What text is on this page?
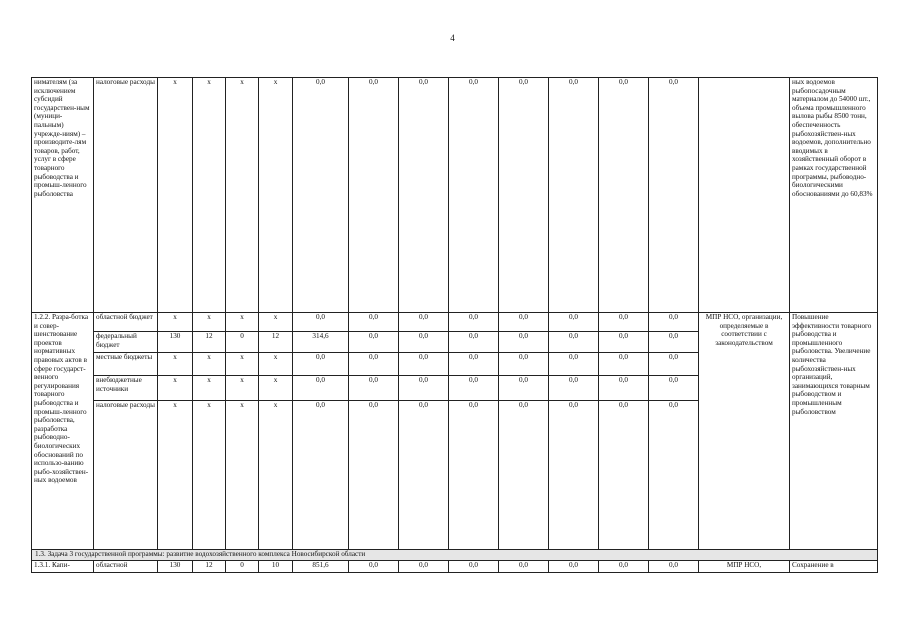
4
нимателям (за исключением субсидий государствен-ным (муници-пальным) учрежде-ниям) – производите-лям товаров, работ, услуг в сфере товарного рыбоводства и промыш-ленного рыболовства	налоговые расходы	x	x	x	x	0,0	0,0	0,0	0,0	0,0	0,0	0,0	0,0		ных водоемов рыбопосадочным материалом до 54000 шт., объема промышленного вылова рыбы 8500 тонн, обеспеченность рыбохозяйствен-ных водоемов, дополнительно вводимых в хозяйственный оборот в рамках государственной программы, рыбоводно-биологическими обоснованиями до 60,83%
1.2.2. Разра-ботка и совер-шенствование проектов нормативных правовых актов в сфере государст-венного регулирования товарного рыбоводства и промыш-ленного рыболовства, разработка рыбоводно-биологических обоснований по использо-ванию рыбо-хозяйствен-ных водоемов	областной бюджет	x	x	x	x	0,0	0,0	0,0	0,0	0,0	0,0	0,0	0,0	МПР НСО, организации, определяемые в соответствии с законодательством	Повышение эффективности товарного рыбоводства и промышленного рыболовства. Увеличение количества рыбохозяйствен-ных организаций, занимающихся товарным рыбоводством и промышленным рыболовством
	федеральный бюджет	130	12	0	12	314,6	0,0	0,0	0,0	0,0	0,0	0,0	0,0		
	местные бюджеты	x	x	x	x	0,0	0,0	0,0	0,0	0,0	0,0	0,0	0,0		
	внебюджетные источники	x	x	x	x	0,0	0,0	0,0	0,0	0,0	0,0	0,0	0,0		
	налоговые расходы	x	x	x	x	0,0	0,0	0,0	0,0	0,0	0,0	0,0	0,0		
1.3. Задача 3 государственной программы: развитие водохозяйственного комплекса Новосибирской области															
1.3.1. Капи-	областной	130	12	0	10	851,6	0,0	0,0	0,0	0,0	0,0	0,0	0,0	МПР НСО,	Сохранение в
